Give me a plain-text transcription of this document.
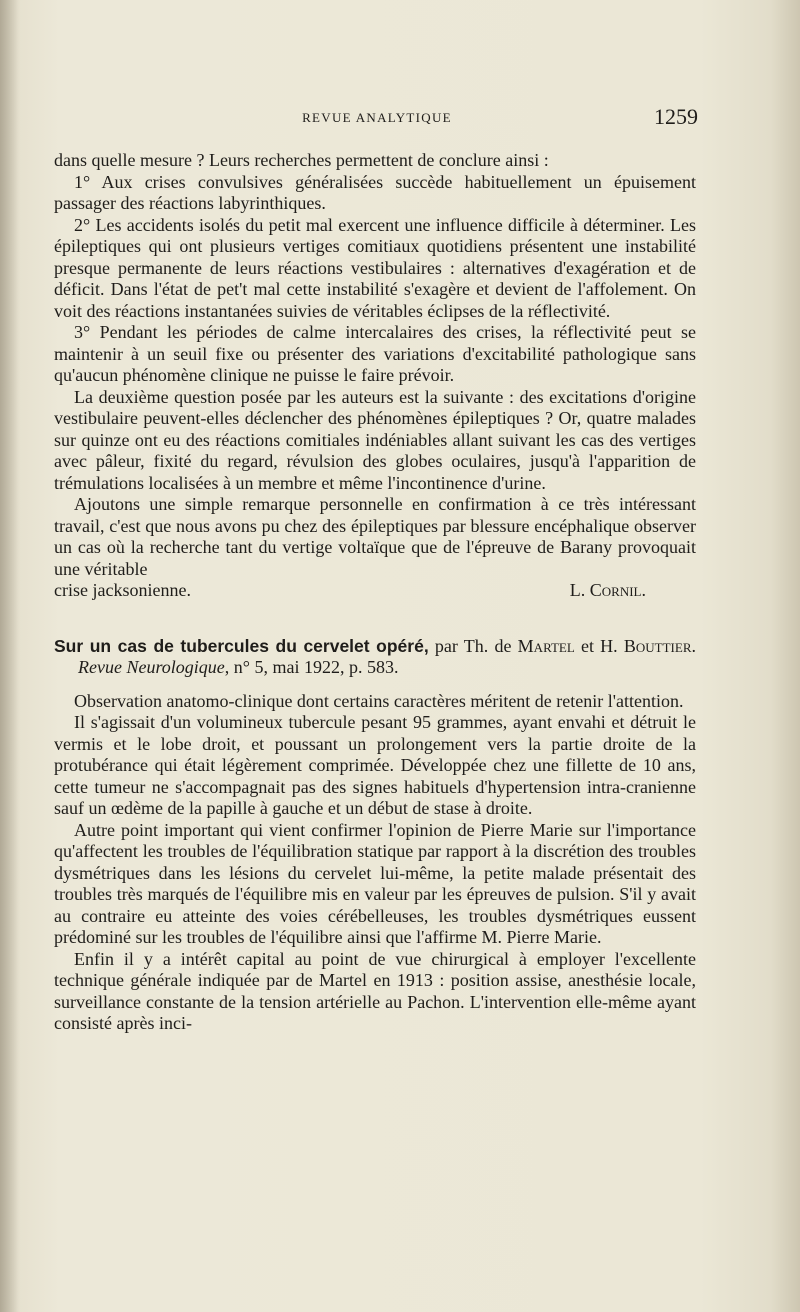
REVUE ANALYTIQUE	1259

dans quelle mesure ? Leurs recherches permettent de conclure ainsi :

1° Aux crises convulsives généralisées succède habituellement un épuisement passager des réactions labyrinthiques.

2° Les accidents isolés du petit mal exercent une influence difficile à déterminer. Les épileptiques qui ont plusieurs vertiges comitiaux quotidiens présentent une instabilité presque permanente de leurs réactions vestibulaires : alternatives d'exagération et de déficit. Dans l'état de pet't mal cette instabilité s'exagère et devient de l'affolement. On voit des réactions instantanées suivies de véritables éclipses de la réflectivité.

3° Pendant les périodes de calme intercalaires des crises, la réflectivité peut se maintenir à un seuil fixe ou présenter des variations d'excitabilité pathologique sans qu'aucun phénomène clinique ne puisse le faire prévoir.

La deuxième question posée par les auteurs est la suivante : des excitations d'origine vestibulaire peuvent-elles déclencher des phénomènes épileptiques ? Or, quatre malades sur quinze ont eu des réactions comitiales indéniables allant suivant les cas des vertiges avec pâleur, fixité du regard, révulsion des globes oculaires, jusqu'à l'apparition de trémulations localisées à un membre et même l'incontinence d'urine.

Ajoutons une simple remarque personnelle en confirmation à ce très intéressant travail, c'est que nous avons pu chez des épileptiques par blessure encéphalique observer un cas où la recherche tant du vertige voltaïque que de l'épreuve de Barany provoquait une véritable

crise jacksonienne.	L. Cornil.

Sur un cas de tubercules du cervelet opéré, par Th. de Martel et H. Bouttier. Revue Neurologique, n° 5, mai 1922, p. 583.

Observation anatomo-clinique dont certains caractères méritent de retenir l'attention.

Il s'agissait d'un volumineux tubercule pesant 95 grammes, ayant envahi et détruit le vermis et le lobe droit, et poussant un prolongement vers la partie droite de la protubérance qui était légèrement comprimée. Développée chez une fillette de 10 ans, cette tumeur ne s'accompagnait pas des signes habituels d'hypertension intra-cranienne sauf un œdème de la papille à gauche et un début de stase à droite.

Autre point important qui vient confirmer l'opinion de Pierre Marie sur l'importance qu'affectent les troubles de l'équilibration statique par rapport à la discrétion des troubles dysmétriques dans les lésions du cervelet lui-même, la petite malade présentait des troubles très marqués de l'équilibre mis en valeur par les épreuves de pulsion. S'il y avait au contraire eu atteinte des voies cérébelleuses, les troubles dysmétriques eussent prédominé sur les troubles de l'équilibre ainsi que l'affirme M. Pierre Marie.

Enfin il y a intérêt capital au point de vue chirurgical à employer l'excellente technique générale indiquée par de Martel en 1913 : position assise, anesthésie locale, surveillance constante de la tension artérielle au Pachon. L'intervention elle-même ayant consisté après inci-
